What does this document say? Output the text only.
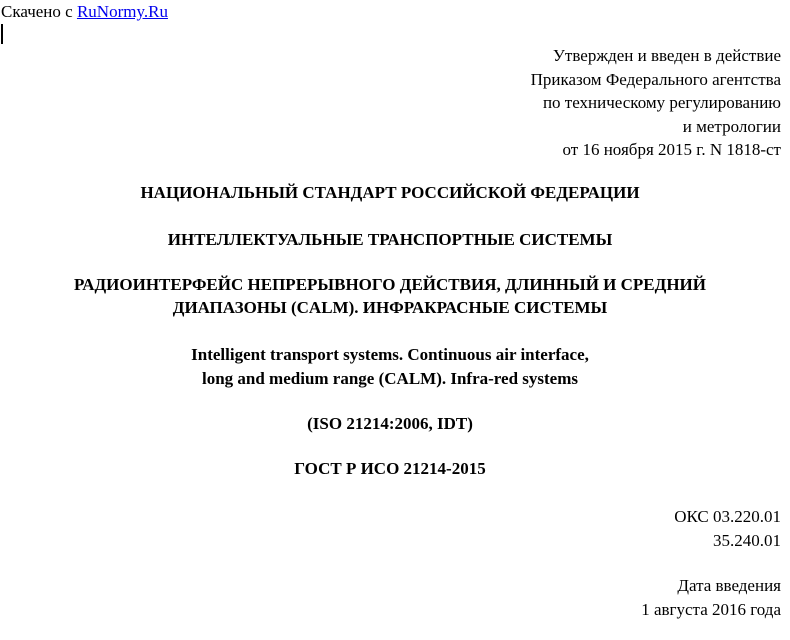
Скачено с RuNormy.Ru
Утвержден и введен в действие
Приказом Федерального агентства
по техническому регулированию
и метрологии
от 16 ноября 2015 г. N 1818-ст
НАЦИОНАЛЬНЫЙ СТАНДАРТ РОССИЙСКОЙ ФЕДЕРАЦИИ
ИНТЕЛЛЕКТУАЛЬНЫЕ ТРАНСПОРТНЫЕ СИСТЕМЫ
РАДИОИНТЕРФЕЙС НЕПРЕРЫВНОГО ДЕЙСТВИЯ, ДЛИННЫЙ И СРЕДНИЙ
ДИАПАЗОНЫ (CALM). ИНФРАКРАСНЫЕ СИСТЕМЫ
Intelligent transport systems. Continuous air interface,
long and medium range (CALM). Infra-red systems
(ISO 21214:2006, IDT)
ГОСТ Р ИСО 21214-2015
ОКС 03.220.01
35.240.01
Дата введения
1 августа 2016 года
